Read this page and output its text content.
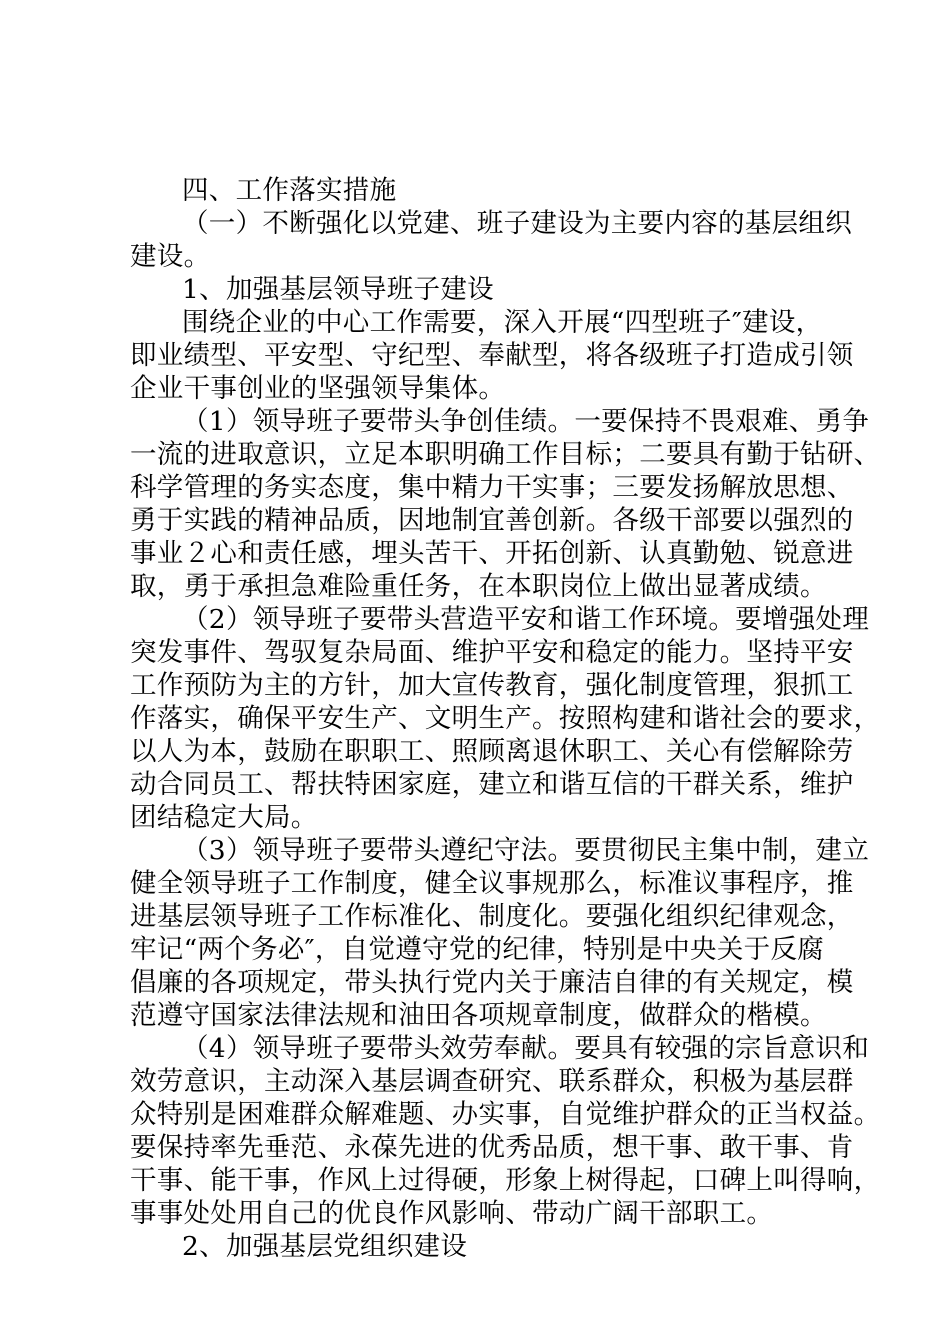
四、工作落实措施
（一）不断强化以党建、班子建设为主要内容的基层组织
建设。
1、加强基层领导班子建设
围绕企业的中心工作需要，深入开展“四型班子″建设，
即业绩型、平安型、守纪型、奉献型，将各级班子打造成引领
企业干事创业的坚强领导集体。
（1）领导班子要带头争创佳绩。一要保持不畏艰难、勇争
一流的进取意识，立足本职明确工作目标；二要具有勤于钻研、
科学管理的务实态度，集中精力干实事；三要发扬解放思想、
勇于实践的精神品质，因地制宜善创新。各级干部要以强烈的
事业２心和责任感，埋头苦干、开拓创新、认真勤勉、锐意进
取，勇于承担急难险重任务，在本职岗位上做出显著成绩。
（2）领导班子要带头营造平安和谐工作环境。要增强处理
突发事件、驾驭复杂局面、维护平安和稳定的能力。坚持平安
工作预防为主的方针，加大宣传教育，强化制度管理，狠抓工
作落实，确保平安生产、文明生产。按照构建和谐社会的要求，
以人为本，鼓励在职职工、照顾离退休职工、关心有偿解除劳
动合同员工、帮扶特困家庭，建立和谐互信的干群关系，维护
团结稳定大局。
（3）领导班子要带头遵纪守法。要贯彻民主集中制，建立
健全领导班子工作制度，健全议事规那么，标准议事程序，推
进基层领导班子工作标准化、制度化。要强化组织纪律观念，
牢记“两个务必″，自觉遵守党的纪律，特别是中央关于反腐
倡廉的各项规定，带头执行党内关于廉洁自律的有关规定，模
范遵守国家法律法规和油田各项规章制度，做群众的楷模。
（4）领导班子要带头效劳奉献。要具有较强的宗旨意识和
效劳意识，主动深入基层调查研究、联系群众，积极为基层群
众特别是困难群众解难题、办实事，自觉维护群众的正当权益。
要保持率先垂范、永葆先进的优秀品质，想干事、敢干事、肯
干事、能干事，作风上过得硬，形象上树得起，口碑上叫得响，
事事处处用自己的优良作风影响、带动广阔干部职工。
2、加强基层党组织建设
